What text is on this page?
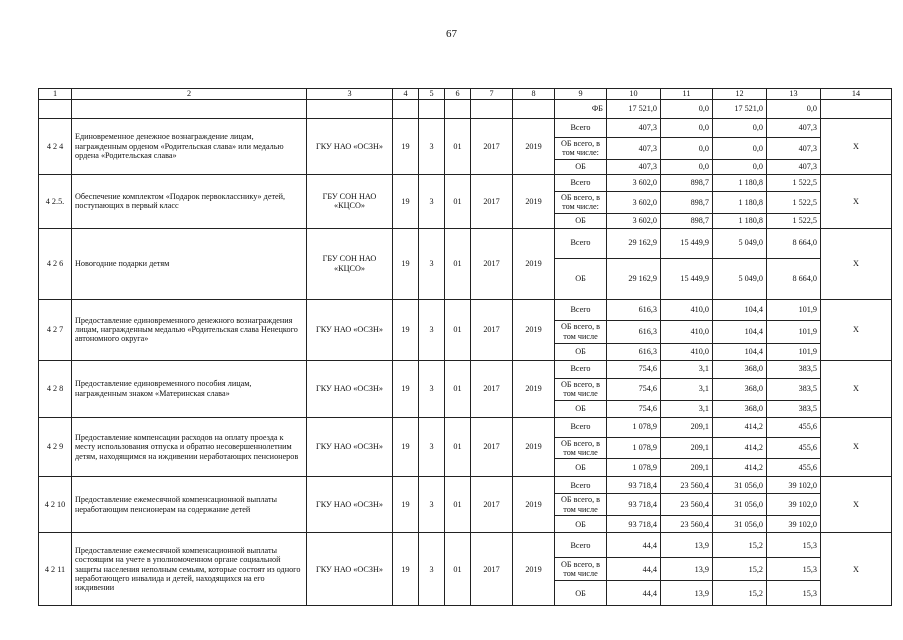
67
1	2	3	4	5	6	7	8	9	10	11	12	13	14
								ФБ	17 521,0	0,0	17 521,0	0,0	
4 2 4	Единовременное денежное вознаграждение лицам, награжденным орденом «Родительская слава» или медалью ордена «Родительская слава»	ГКУ НАО «ОСЗН»	19	3	01	2017	2019	Всего	407,3	0,0	0,0	407,3	X
								ОБ всего, в том числе:	407,3	0,0	0,0	407,3	
								ОБ	407,3	0,0	0,0	407,3	
4 2.5.	Обеспечение комплектом «Подарок первокласснику» детей, поступающих в первый класс	ГБУ СОН НАО «КЦСО»	19	3	01	2017	2019	Всего	3 602,0	898,7	1 180,8	1 522,5	X
								ОБ всего, в том числе:	3 602,0	898,7	1 180,8	1 522,5	
								ОБ	3 602,0	898,7	1 180,8	1 522,5	
4 2 6	Новогодние подарки детям	ГБУ СОН НАО «КЦСО»	19	3	01	2017	2019	Всего	29 162,9	15 449,9	5 049,0	8 664,0	X
								ОБ	29 162,9	15 449,9	5 049,0	8 664,0	
4 2 7	Предоставление единовременного денежного вознаграждения лицам, награжденным медалью «Родительская слава Ненецкого автономного округа»	ГКУ НАО «ОСЗН»	19	3	01	2017	2019	Всего	616,3	410,0	104,4	101,9	X
								ОБ всего, в том числе	616,3	410,0	104,4	101,9	
								ОБ	616,3	410,0	104,4	101,9	
4 2 8	Предоставление единовременного пособия лицам, награжденным знаком «Материнская слава»	ГКУ НАО «ОСЗН»	19	3	01	2017	2019	Всего	754,6	3,1	368,0	383,5	X
								ОБ всего, в том числе	754,6	3,1	368,0	383,5	
								ОБ	754,6	3,1	368,0	383,5	
4 2 9	Предоставление компенсации расходов на оплату проезда к месту использования отпуска и обратно несовершеннолетним детям, находящимся на иждивении неработающих пенсионеров	ГКУ НАО «ОСЗН»	19	3	01	2017	2019	Всего	1 078,9	209,1	414,2	455,6	X
								ОБ всего, в том числе	1 078,9	209,1	414,2	455,6	
								ОБ	1 078,9	209,1	414,2	455,6	
4 2 10	Предоставление ежемесячной компенсационной выплаты неработающим пенсионерам на содержание детей	ГКУ НАО «ОСЗН»	19	3	01	2017	2019	Всего	93 718,4	23 560,4	31 056,0	39 102,0	X
								ОБ всего, в том числе	93 718,4	23 560,4	31 056,0	39 102,0	
								ОБ	93 718,4	23 560,4	31 056,0	39 102,0	
4 2 11	Предоставление ежемесячной компенсационной выплаты состоящим на учете в уполномоченном органе социальной защиты населения неполным семьям, которые состоят из одного неработающего инвалида и детей, находящихся на его иждивении	ГКУ НАО «ОСЗН»	19	3	01	2017	2019	Всего	44,4	13,9	15,2	15,3	X
								ОБ всего, в том числе	44,4	13,9	15,2	15,3	
								ОБ	44,4	13,9	15,2	15,3	
